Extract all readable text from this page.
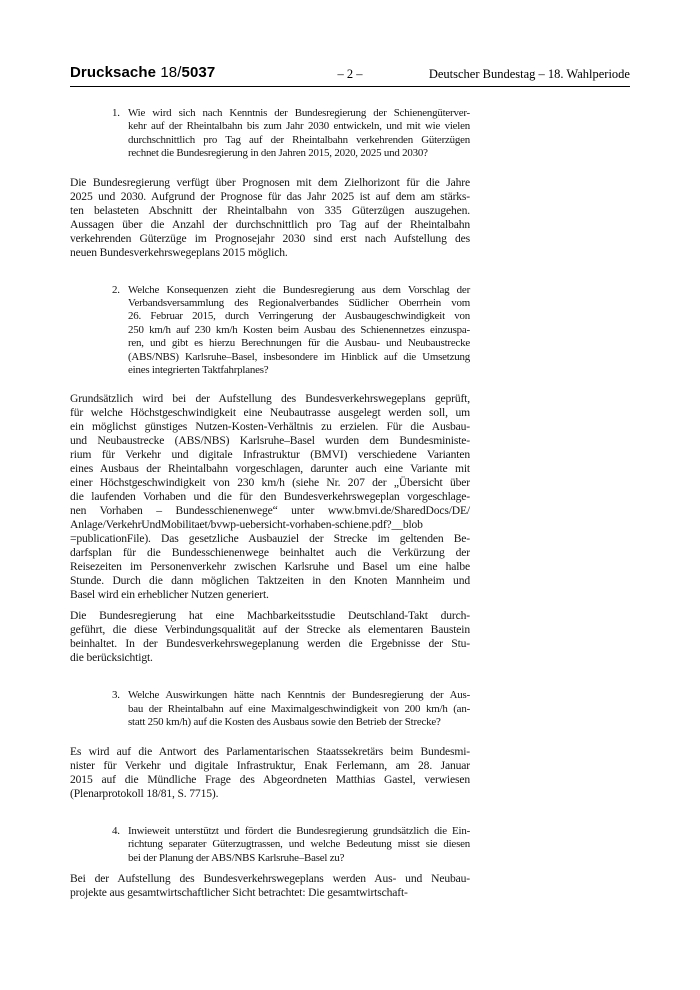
Drucksache 18/5037	– 2 –	Deutscher Bundestag – 18. Wahlperiode
1. Wie wird sich nach Kenntnis der Bundesregierung der Schienengüterver-
kehr auf der Rheintalbahn bis zum Jahr 2030 entwickeln, und mit wie vielen
durchschnittlich pro Tag auf der Rheintalbahn verkehrenden Güterzügen
rechnet die Bundesregierung in den Jahren 2015, 2020, 2025 und 2030?
Die Bundesregierung verfügt über Prognosen mit dem Zielhorizont für die Jahre
2025 und 2030. Aufgrund der Prognose für das Jahr 2025 ist auf dem am stärks-
ten belasteten Abschnitt der Rheintalbahn von 335 Güterzügen auszugehen.
Aussagen über die Anzahl der durchschnittlich pro Tag auf der Rheintalbahn
verkehrenden Güterzüge im Prognosejahr 2030 sind erst nach Aufstellung des
neuen Bundesverkehrswegeplans 2015 möglich.
2. Welche Konsequenzen zieht die Bundesregierung aus dem Vorschlag der
Verbandsversammlung des Regionalverbandes Südlicher Oberrhein vom
26. Februar 2015, durch Verringerung der Ausbaugeschwindigkeit von
250 km/h auf 230 km/h Kosten beim Ausbau des Schienennetzes einzuspa-
ren, und gibt es hierzu Berechnungen für die Ausbau- und Neubaustrecke
(ABS/NBS) Karlsruhe–Basel, insbesondere im Hinblick auf die Umsetzung
eines integrierten Taktfahrplanes?
Grundsätzlich wird bei der Aufstellung des Bundesverkehrswegeplans geprüft,
für welche Höchstgeschwindigkeit eine Neubautrasse ausgelegt werden soll, um
ein möglichst günstiges Nutzen-Kosten-Verhältnis zu erzielen. Für die Ausbau-
und Neubaustrecke (ABS/NBS) Karlsruhe–Basel wurden dem Bundesministe-
rium für Verkehr und digitale Infrastruktur (BMVI) verschiedene Varianten
eines Ausbaus der Rheintalbahn vorgeschlagen, darunter auch eine Variante mit
einer Höchstgeschwindigkeit von 230 km/h (siehe Nr. 207 der „Übersicht über
die laufenden Vorhaben und die für den Bundesverkehrswegeplan vorgeschlage-
nen Vorhaben – Bundesschienenwege“ unter www.bmvi.de/SharedDocs/DE/
Anlage/VerkehrUndMobilitaet/bvwp-uebersicht-vorhaben-schiene.pdf?__blob
=publicationFile). Das gesetzliche Ausbauziel der Strecke im geltenden Be-
darfsplan für die Bundesschienenwege beinhaltet auch die Verkürzung der
Reisezeiten im Personenverkehr zwischen Karlsruhe und Basel um eine halbe
Stunde. Durch die dann möglichen Taktzeiten in den Knoten Mannheim und
Basel wird ein erheblicher Nutzen generiert.
Die Bundesregierung hat eine Machbarkeitsstudie Deutschland-Takt durch-
geführt, die diese Verbindungsqualität auf der Strecke als elementaren Baustein
beinhaltet. In der Bundesverkehrswegeplanung werden die Ergebnisse der Stu-
die berücksichtigt.
3. Welche Auswirkungen hätte nach Kenntnis der Bundesregierung der Aus-
bau der Rheintalbahn auf eine Maximalgeschwindigkeit von 200 km/h (an-
statt 250 km/h) auf die Kosten des Ausbaus sowie den Betrieb der Strecke?
Es wird auf die Antwort des Parlamentarischen Staatssekretärs beim Bundesmi-
nister für Verkehr und digitale Infrastruktur, Enak Ferlemann, am 28. Januar
2015 auf die Mündliche Frage des Abgeordneten Matthias Gastel, verwiesen
(Plenarprotokoll 18/81, S. 7715).
4. Inwieweit unterstützt und fördert die Bundesregierung grundsätzlich die Ein-
richtung separater Güterzugtrassen, und welche Bedeutung misst sie diesen
bei der Planung der ABS/NBS Karlsruhe–Basel zu?
Bei der Aufstellung des Bundesverkehrswegeplans werden Aus- und Neubau-
projekte aus gesamtwirtschaftlicher Sicht betrachtet: Die gesamtwirtschaft-
